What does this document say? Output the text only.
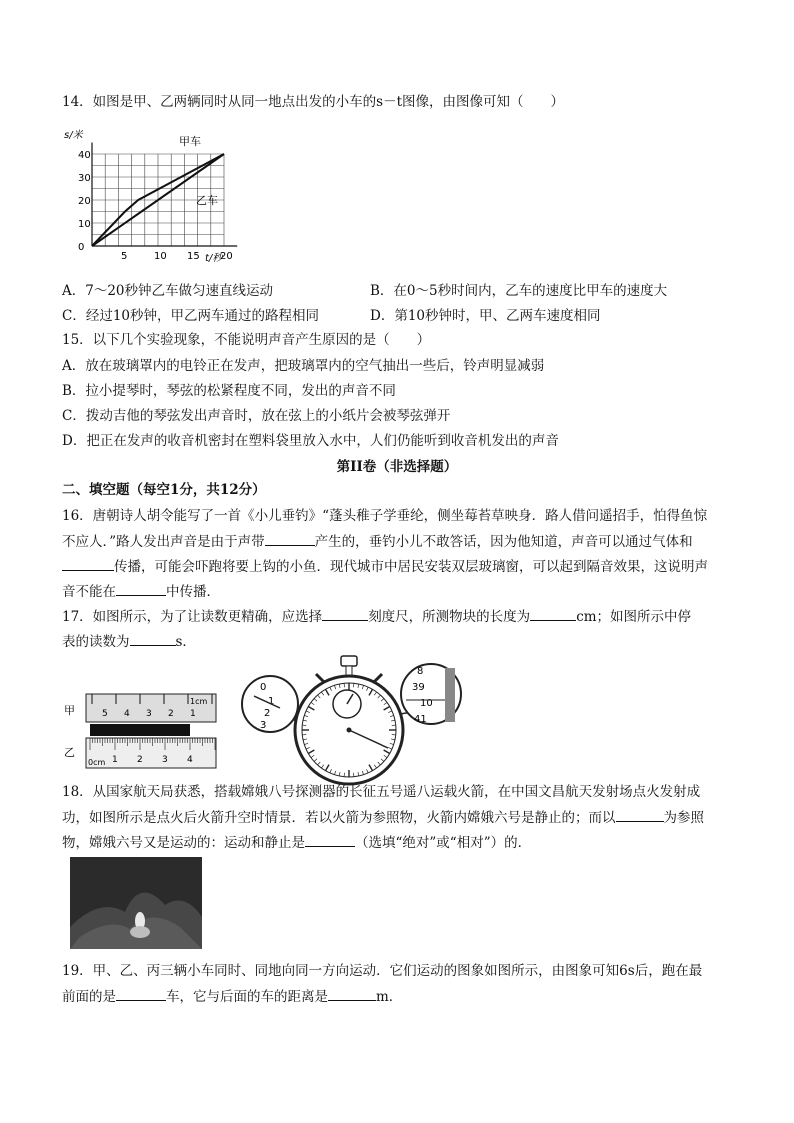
14．如图是甲、乙两辆同时从同一地点出发的小车的s－t图像，由图像可知（　　）
40
30
20
10
0
5	10 15 20
s/米
t/秒
甲车
乙车
A．7～20秒钟乙车做匀速直线运动	B．在0～5秒时间内，乙车的速度比甲车的速度大
C．经过10秒钟，甲乙两车通过的路程相同	D．第10秒钟时，甲、乙两车速度相同
15．以下几个实验现象，不能说明声音产生原因的是（　　）
A．放在玻璃罩内的电铃正在发声，把玻璃罩内的空气抽出一些后，铃声明显减弱
B．拉小提琴时，琴弦的松紧程度不同，发出的声音不同
C．拨动吉他的琴弦发出声音时，放在弦上的小纸片会被琴弦弹开
D．把正在发声的收音机密封在塑料袋里放入水中，人们仍能听到收音机发出的声音
第II卷（非选择题）
二、填空题（每空1分，共12分）
16．唐朝诗人胡令能写了一首《小儿垂钓》“蓬头稚子学垂纶，侧坐莓苔草映身．路人借问遥招手，怕得鱼惊
不应人．”路人发出声音是由于声带	产生的，垂钓小儿不敢答话，因为他知道，声音可以通过气体和
传播，可能会吓跑将要上钩的小鱼．现代城市中居民安装双层玻璃窗，可以起到隔音效果，这说明声
音不能在	中传播．
17．如图所示，为了让读数更精确，应选择	刻度尺，所测物块的长度为	cm；如图所示中停
表的读数为	s．
甲
乙
5 4 3 2 1
1 2 3 4
1cm
0cm
0
1
2
3
8
39
10
41
18．从国家航天局获悉，搭载嫦娥八号探测器的长征五号遥八运载火箭，在中国文昌航天发射场点火发射成
功，如图所示是点火后火箭升空时情景．若以火箭为参照物，火箭内嫦娥六号是静止的；而以	为参照
物，嫦娥六号又是运动的：运动和静止是	（选填“绝对”或“相对”）的．
19．甲、乙、丙三辆小车同时、同地向同一方向运动．它们运动的图象如图所示，由图象可知6s后，跑在最
前面的是	车，它与后面的车的距离是	m．
